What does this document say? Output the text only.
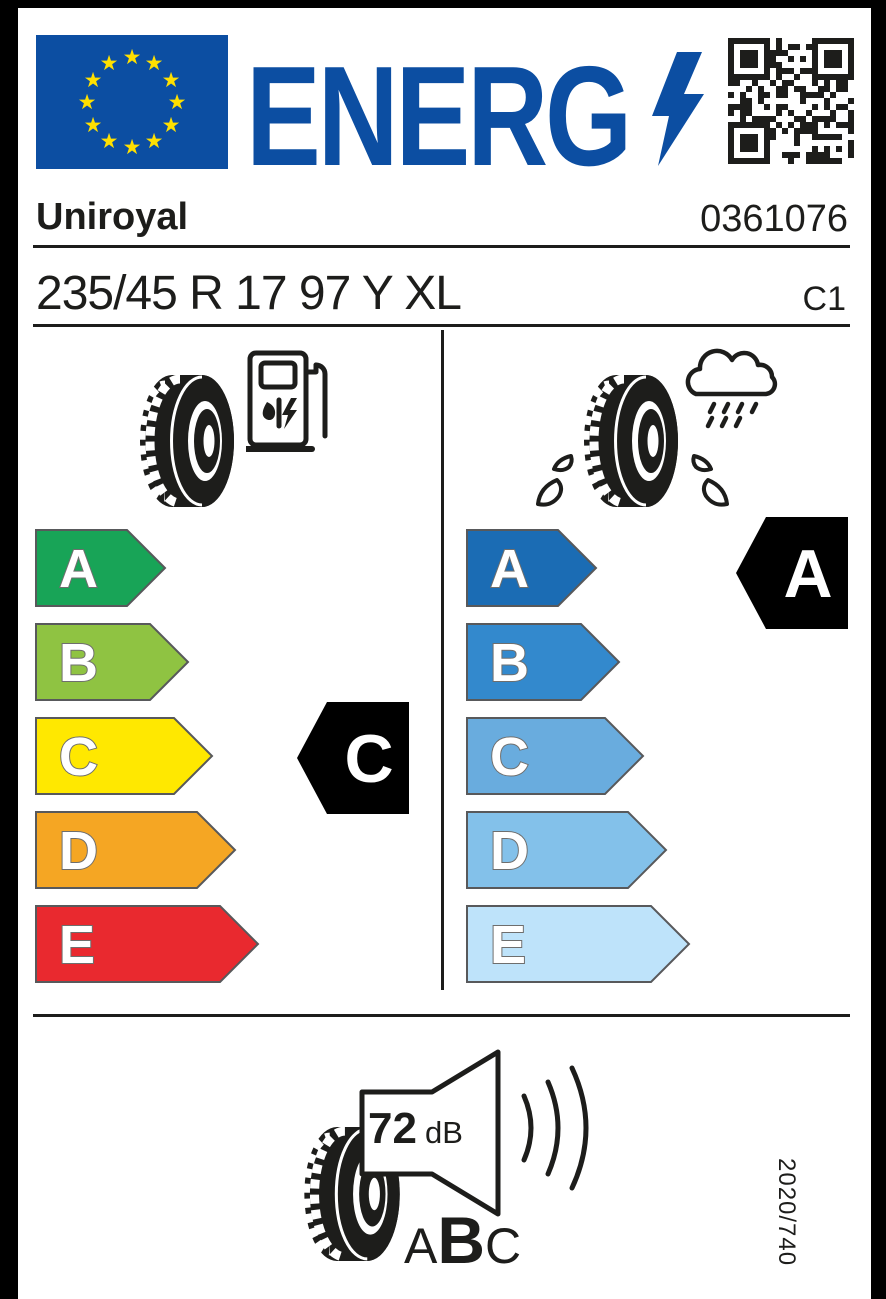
★ ★
★
★
★
★
★
★
★
★
★
★ ENERG
Uniroyal	0361076
235/45 R 17 97 Y XL	C1
A
B
C
D
E
C
A
B
C
D
E
A
72 dB
A B C	2020/740
